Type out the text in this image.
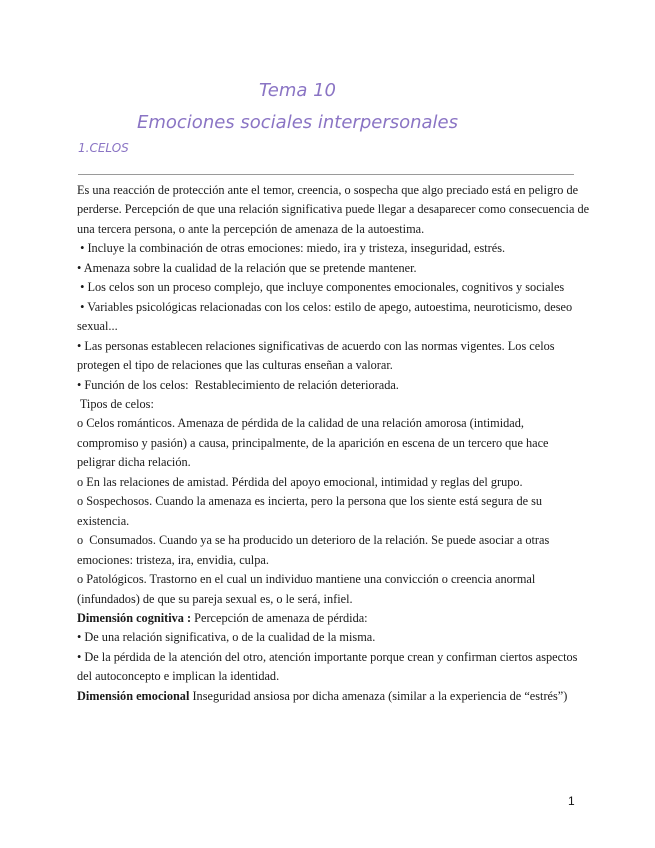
Tema 10
Emociones sociales interpersonales
1.CELOS
Es una reacción de protección ante el temor, creencia, o sospecha que algo preciado está en peligro de
perderse. Percepción de que una relación significativa puede llegar a desaparecer como consecuencia de
una tercera persona, o ante la percepción de amenaza de la autoestima.
• Incluye la combinación de otras emociones: miedo, ira y tristeza, inseguridad, estrés.
• Amenaza sobre la cualidad de la relación que se pretende mantener.
• Los celos son un proceso complejo, que incluye componentes emocionales, cognitivos y sociales
• Variables psicológicas relacionadas con los celos: estilo de apego, autoestima, neuroticismo, deseo
sexual...
• Las personas establecen relaciones significativas de acuerdo con las normas vigentes. Los celos
protegen el tipo de relaciones que las culturas enseñan a valorar.
• Función de los celos:  Restablecimiento de relación deteriorada.
Tipos de celos:
o Celos románticos. Amenaza de pérdida de la calidad de una relación amorosa (intimidad,
compromiso y pasión) a causa, principalmente, de la aparición en escena de un tercero que hace
peligrar dicha relación.
o En las relaciones de amistad. Pérdida del apoyo emocional, intimidad y reglas del grupo.
o Sospechosos. Cuando la amenaza es incierta, pero la persona que los siente está segura de su
existencia.
o  Consumados. Cuando ya se ha producido un deterioro de la relación. Se puede asociar a otras
emociones: tristeza, ira, envidia, culpa.
o Patológicos. Trastorno en el cual un individuo mantiene una convicción o creencia anormal
(infundados) de que su pareja sexual es, o le será, infiel.
Dimensión cognitiva : Percepción de amenaza de pérdida:
• De una relación significativa, o de la cualidad de la misma.
• De la pérdida de la atención del otro, atención importante porque crean y confirman ciertos aspectos
del autoconcepto e implican la identidad.
Dimensión emocional Inseguridad ansiosa por dicha amenaza (similar a la experiencia de “estrés”)
1
